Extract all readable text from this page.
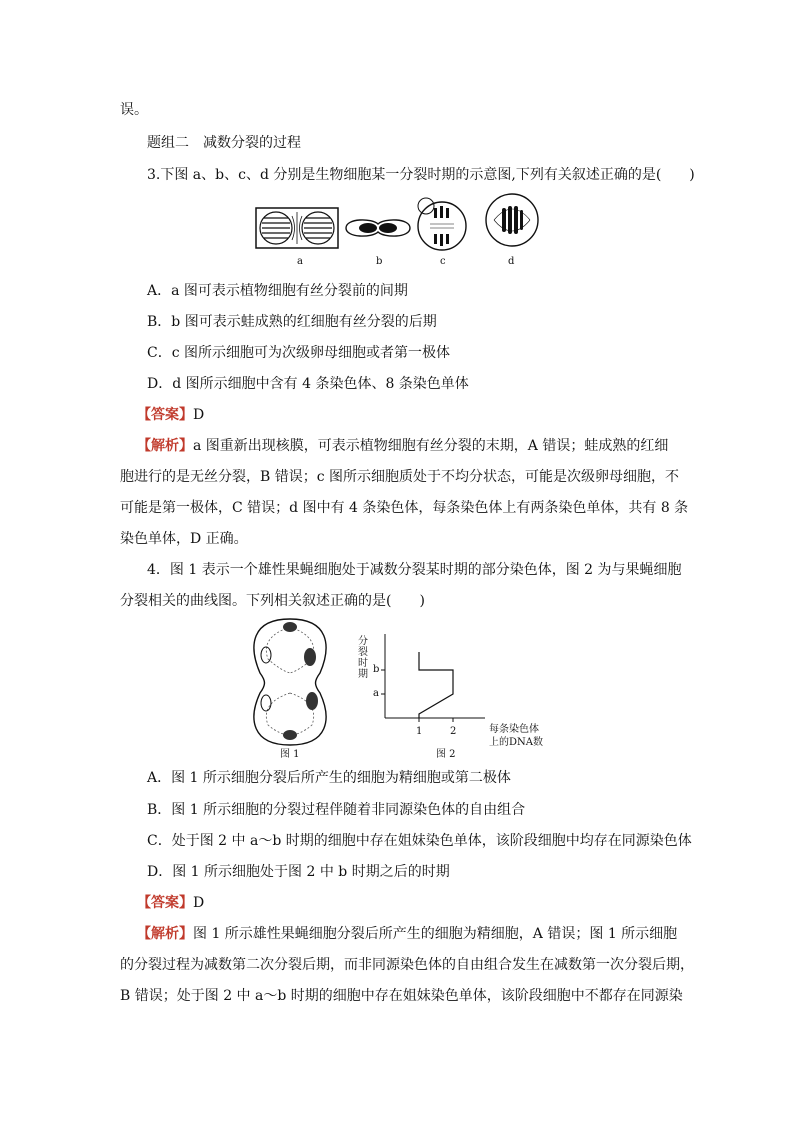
误。
题组二　减数分裂的过程
3.下图 a、b、c、d 分别是生物细胞某一分裂时期的示意图,下列有关叙述正确的是(　　)
a	b	c	d
A．a 图可表示植物细胞有丝分裂前的间期
B．b 图可表示蛙成熟的红细胞有丝分裂的后期
C．c 图所示细胞可为次级卵母细胞或者第一极体
D．d 图所示细胞中含有 4 条染色体、8 条染色单体
【答案】D
【解析】a 图重新出现核膜，可表示植物细胞有丝分裂的末期，A 错误；蛙成熟的红细
胞进行的是无丝分裂，B 错误；c 图所示细胞质处于不均分状态，可能是次级卵母细胞，不
可能是第一极体，C 错误；d 图中有 4 条染色体，每条染色体上有两条染色单体，共有 8 条
染色单体，D 正确。
4．图 1 表示一个雄性果蝇细胞处于减数分裂某时期的部分染色体，图 2 为与果蝇细胞
分裂相关的曲线图。下列相关叙述正确的是(　　)
图 1
分裂时期 b
a
1	2	每条染色体
上的DNA数
图 2
A．图 1 所示细胞分裂后所产生的细胞为精细胞或第二极体
B．图 1 所示细胞的分裂过程伴随着非同源染色体的自由组合
C．处于图 2 中 a～b 时期的细胞中存在姐妹染色单体，该阶段细胞中均存在同源染色体
D．图 1 所示细胞处于图 2 中 b 时期之后的时期
【答案】D
【解析】图 1 所示雄性果蝇细胞分裂后所产生的细胞为精细胞，A 错误；图 1 所示细胞
的分裂过程为减数第二次分裂后期，而非同源染色体的自由组合发生在减数第一次分裂后期，
B 错误；处于图 2 中 a～b 时期的细胞中存在姐妹染色单体，该阶段细胞中不都存在同源染
